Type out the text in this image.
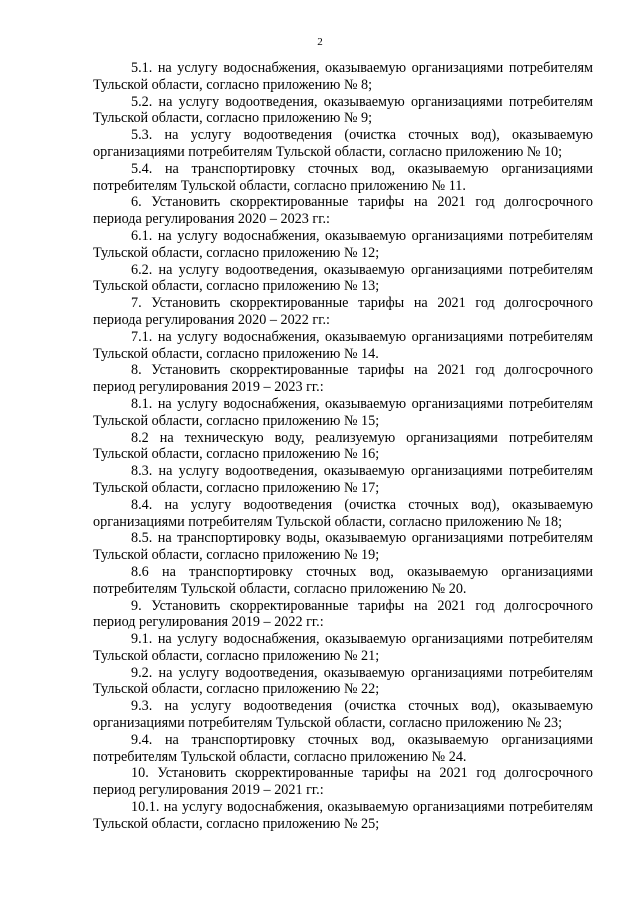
2

5.1. на услугу водоснабжения, оказываемую организациями потребителям Тульской области, согласно приложению № 8;

5.2. на услугу водоотведения, оказываемую организациями потребителям Тульской области, согласно приложению № 9;

5.3. на услугу водоотведения (очистка сточных вод), оказываемую организациями потребителям Тульской области, согласно приложению № 10;

5.4. на транспортировку сточных вод, оказываемую организациями потребителям Тульской области, согласно приложению № 11.

6. Установить скорректированные тарифы на 2021 год долгосрочного периода регулирования 2020 – 2023 гг.:

6.1. на услугу водоснабжения, оказываемую организациями потребителям Тульской области, согласно приложению № 12;

6.2. на услугу водоотведения, оказываемую организациями потребителям Тульской области, согласно приложению № 13;

7. Установить скорректированные тарифы на 2021 год долгосрочного периода регулирования 2020 – 2022 гг.:

7.1. на услугу водоснабжения, оказываемую организациями потребителям Тульской области, согласно приложению № 14.

8. Установить скорректированные тарифы на 2021 год долгосрочного период регулирования 2019 – 2023 гг.:

8.1. на услугу водоснабжения, оказываемую организациями потребителям Тульской области, согласно приложению № 15;

8.2 на техническую воду, реализуемую организациями потребителям Тульской области, согласно приложению № 16;

8.3. на услугу водоотведения, оказываемую организациями потребителям Тульской области, согласно приложению № 17;

8.4. на услугу водоотведения (очистка сточных вод), оказываемую организациями потребителям Тульской области, согласно приложению № 18;

8.5. на транспортировку воды, оказываемую организациями потребителям Тульской области, согласно приложению № 19;

8.6 на транспортировку сточных вод, оказываемую организациями потребителям Тульской области, согласно приложению № 20.

9. Установить скорректированные тарифы на 2021 год долгосрочного период регулирования 2019 – 2022 гг.:

9.1. на услугу водоснабжения, оказываемую организациями потребителям Тульской области, согласно приложению № 21;

9.2. на услугу водоотведения, оказываемую организациями потребителям Тульской области, согласно приложению № 22;

9.3. на услугу водоотведения (очистка сточных вод), оказываемую организациями потребителям Тульской области, согласно приложению № 23;

9.4. на транспортировку сточных вод, оказываемую организациями потребителям Тульской области, согласно приложению № 24.

10. Установить скорректированные тарифы на 2021 год долгосрочного период регулирования 2019 – 2021 гг.:

10.1. на услугу водоснабжения, оказываемую организациями потребителям Тульской области, согласно приложению № 25;
